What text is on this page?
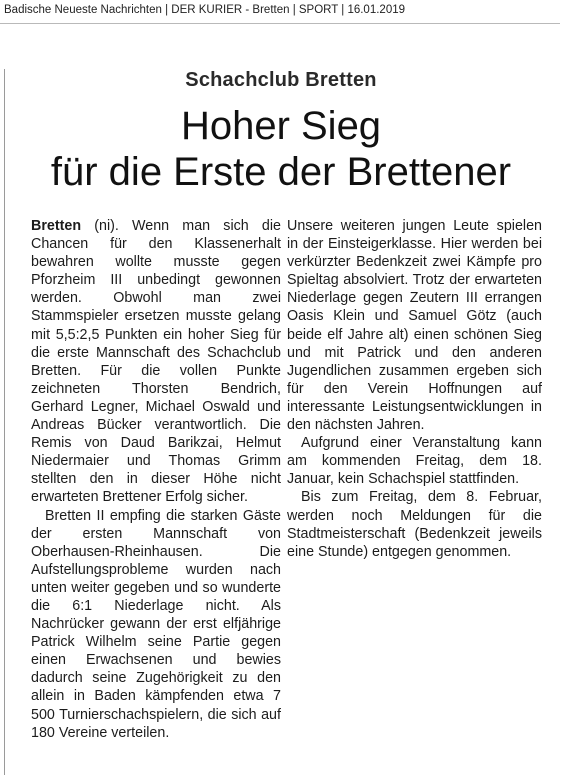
Badische Neueste Nachrichten | DER KURIER - Bretten | SPORT | 16.01.2019
Schachclub Bretten
Hoher Sieg
für die Erste der Brettener

Bretten (ni). Wenn man sich die Chancen für den Klassenerhalt bewahren wollte musste gegen Pforzheim III unbedingt gewonnen werden. Obwohl man zwei Stammspieler ersetzen musste gelang mit 5,5:2,5 Punkten ein hoher Sieg für die erste Mannschaft des Schachclub Bretten. Für die vollen Punkte zeichneten Thorsten Bendrich, Gerhard Legner, Michael Oswald und Andreas Bücker verantwortlich. Die Remis von Daud Barikzai, Helmut Niedermaier und Thomas Grimm stellten den in dieser Höhe nicht erwarteten Brettener Erfolg sicher.

Bretten II empfing die starken Gäste der ersten Mannschaft von Oberhausen-Rheinhausen. Die Aufstellungsprobleme wurden nach unten weiter gegeben und so wunderte die 6:1 Niederlage nicht. Als Nachrücker gewann der erst elfjährige Patrick Wilhelm seine Partie gegen einen Erwachsenen und bewies dadurch seine Zugehörigkeit zu den allein in Baden kämpfenden etwa 7 500 Turnierschachspielern, die sich auf 180 Vereine verteilen.

Unsere weiteren jungen Leute spielen in der Einsteigerklasse. Hier werden bei verkürzter Bedenkzeit zwei Kämpfe pro Spieltag absolviert. Trotz der erwarteten Niederlage gegen Zeutern III errangen Oasis Klein und Samuel Götz (auch beide elf Jahre alt) einen schönen Sieg und mit Patrick und den anderen Jugendlichen zusammen ergeben sich für den Verein Hoffnungen auf interessante Leistungsentwicklungen in den nächsten Jahren.

Aufgrund einer Veranstaltung kann am kommenden Freitag, dem 18. Januar, kein Schachspiel stattfinden.

Bis zum Freitag, dem 8. Februar, werden noch Meldungen für die Stadtmeisterschaft (Bedenkzeit jeweils eine Stunde) entgegen genommen.
